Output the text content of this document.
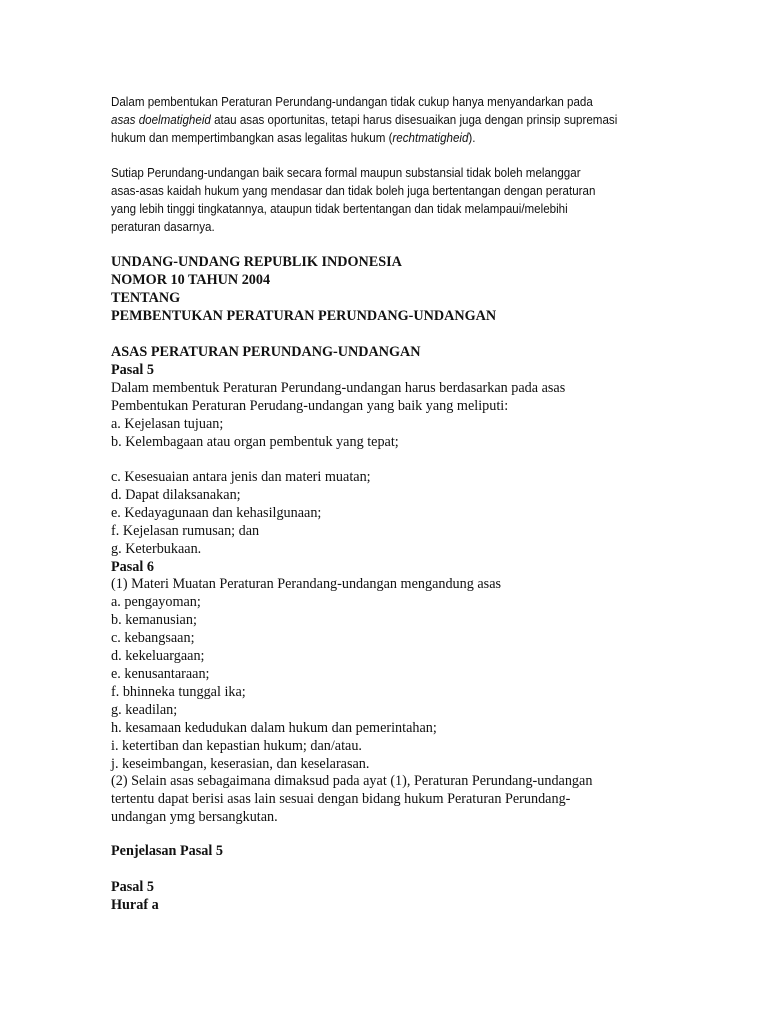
Dalam pembentukan Peraturan Perundang-undangan tidak cukup hanya menyandarkan pada
asas doelmatigheid atau asas oportunitas, tetapi harus disesuaikan juga dengan prinsip supremasi
hukum dan mempertimbangkan asas legalitas hukum (rechtmatigheid).
Sutiap Perundang-undangan baik secara formal maupun substansial tidak boleh melanggar
asas-asas kaidah hukum yang mendasar dan tidak boleh juga bertentangan dengan peraturan
yang lebih tinggi tingkatannya, ataupun tidak bertentangan dan tidak melampaui/melebihi
peraturan dasarnya.
UNDANG-UNDANG REPUBLIK INDONESIA
NOMOR 10 TAHUN 2004
TENTANG
PEMBENTUKAN PERATURAN PERUNDANG-UNDANGAN
ASAS PERATURAN PERUNDANG-UNDANGAN
Pasal 5
Dalam membentuk Peraturan Perundang-undangan harus berdasarkan pada asas
Pembentukan Peraturan Perudang-undangan yang baik yang meliputi:
a. Kejelasan tujuan;
b. Kelembagaan atau organ pembentuk yang tepat;
c. Kesesuaian antara jenis dan materi muatan;
d. Dapat dilaksanakan;
e. Kedayagunaan dan kehasilgunaan;
f. Kejelasan rumusan; dan
g. Keterbukaan.
Pasal 6
(1) Materi Muatan Peraturan Perandang-undangan mengandung asas
a. pengayoman;
b. kemanusian;
c. kebangsaan;
d. kekeluargaan;
e. kenusantaraan;
f. bhinneka tunggal ika;
g. keadilan;
h. kesamaan kedudukan dalam hukum dan pemerintahan;
i. ketertiban dan kepastian hukum; dan/atau.
j. keseimbangan, keserasian, dan keselarasan.
(2) Selain asas sebagaimana dimaksud pada ayat (1), Peraturan Perundang-undangan
tertentu dapat berisi asas lain sesuai dengan bidang hukum Peraturan Perundang-
undangan ymg bersangkutan.
Penjelasan Pasal 5
Pasal 5
Huraf a
